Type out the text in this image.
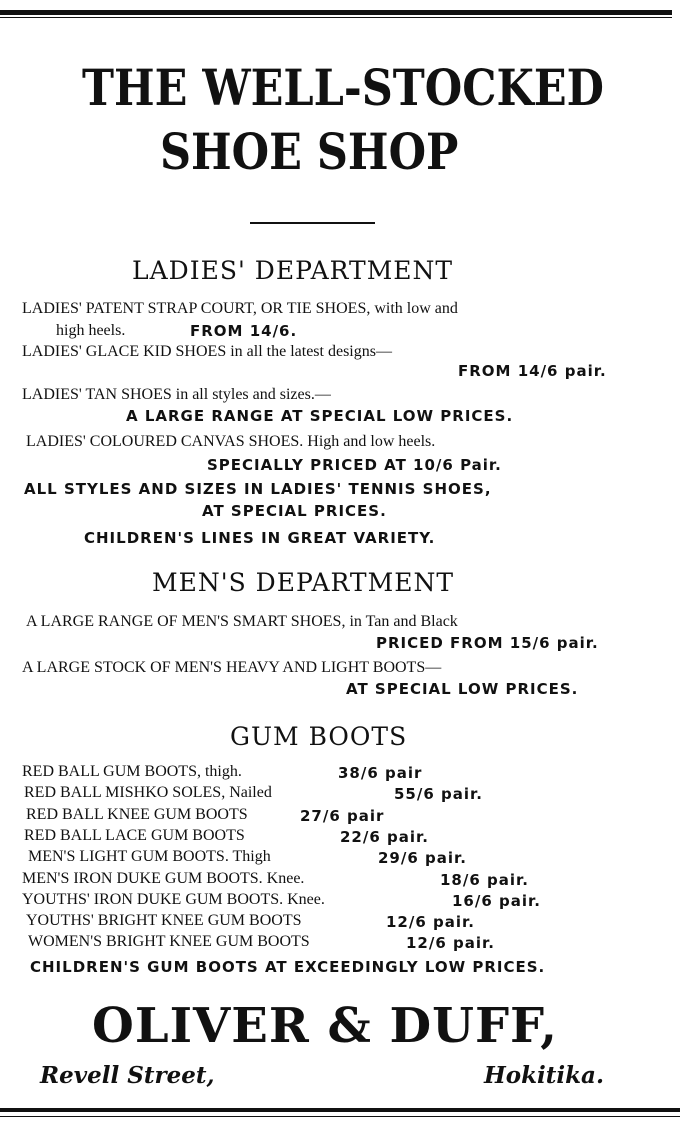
THE WELL-STOCKED
SHOE SHOP
LADIES' DEPARTMENT
LADIES' PATENT STRAP COURT, OR TIE SHOES, with low and
high heels.	FROM 14/6.
LADIES' GLACE KID SHOES in all the latest designs—
FROM 14/6 pair.
LADIES' TAN SHOES in all styles and sizes.—
A LARGE RANGE AT SPECIAL LOW PRICES.
LADIES' COLOURED CANVAS SHOES. High and low heels.
SPECIALLY PRICED AT 10/6 Pair.
ALL STYLES AND SIZES IN LADIES' TENNIS SHOES,
AT SPECIAL PRICES.
CHILDREN'S LINES IN GREAT VARIETY.
MEN'S DEPARTMENT
A LARGE RANGE OF MEN'S SMART SHOES, in Tan and Black
PRICED FROM 15/6 pair.
A LARGE STOCK OF MEN'S HEAVY AND LIGHT BOOTS—
AT SPECIAL LOW PRICES.
GUM BOOTS
RED BALL GUM BOOTS, thigh.	38/6 pair
RED BALL MISHKO SOLES, Nailed	55/6 pair.
RED BALL KNEE GUM BOOTS	27/6 pair
RED BALL LACE GUM BOOTS	22/6 pair.
MEN'S LIGHT GUM BOOTS. Thigh	29/6 pair.
MEN'S IRON DUKE GUM BOOTS. Knee.	18/6 pair.
YOUTHS' IRON DUKE GUM BOOTS. Knee.	16/6 pair.
YOUTHS' BRIGHT KNEE GUM BOOTS	12/6 pair.
WOMEN'S BRIGHT KNEE GUM BOOTS	12/6 pair.
CHILDREN'S GUM BOOTS AT EXCEEDINGLY LOW PRICES.
OLIVER & DUFF,
Revell Street,	Hokitika.
